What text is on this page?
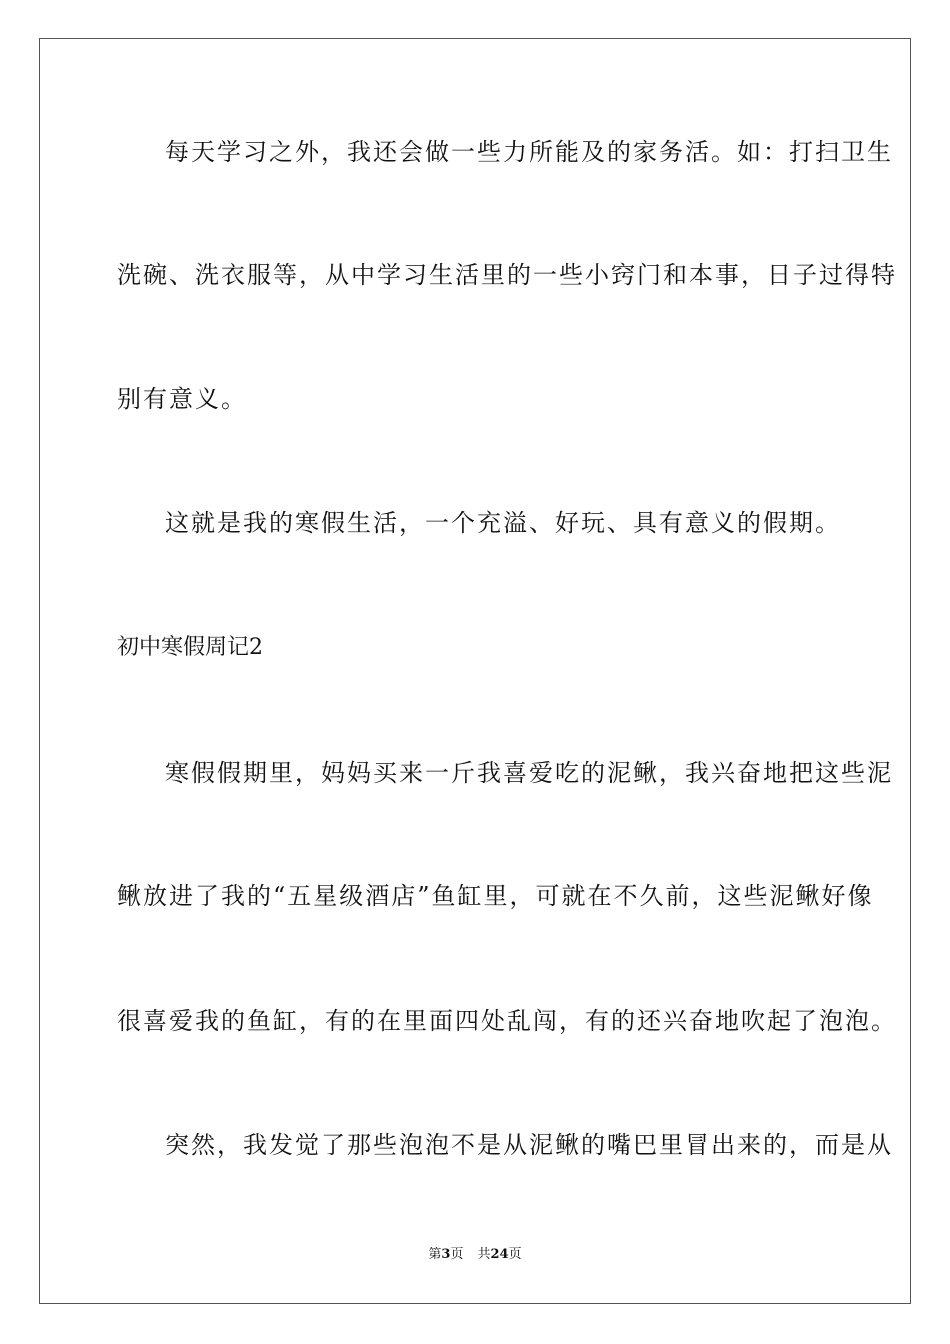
每天学习之外，我还会做一些力所能及的家务活。如：打扫卫生
洗碗、洗衣服等，从中学习生活里的一些小窍门和本事，日子过得特
别有意义。
这就是我的寒假生活，一个充溢、好玩、具有意义的假期。
初中寒假周记2
寒假假期里，妈妈买来一斤我喜爱吃的泥鳅，我兴奋地把这些泥
鳅放进了我的“五星级酒店”鱼缸里，可就在不久前，这些泥鳅好像
很喜爱我的鱼缸，有的在里面四处乱闯，有的还兴奋地吹起了泡泡。
突然，我发觉了那些泡泡不是从泥鳅的嘴巴里冒出来的，而是从
第3页 共24页
